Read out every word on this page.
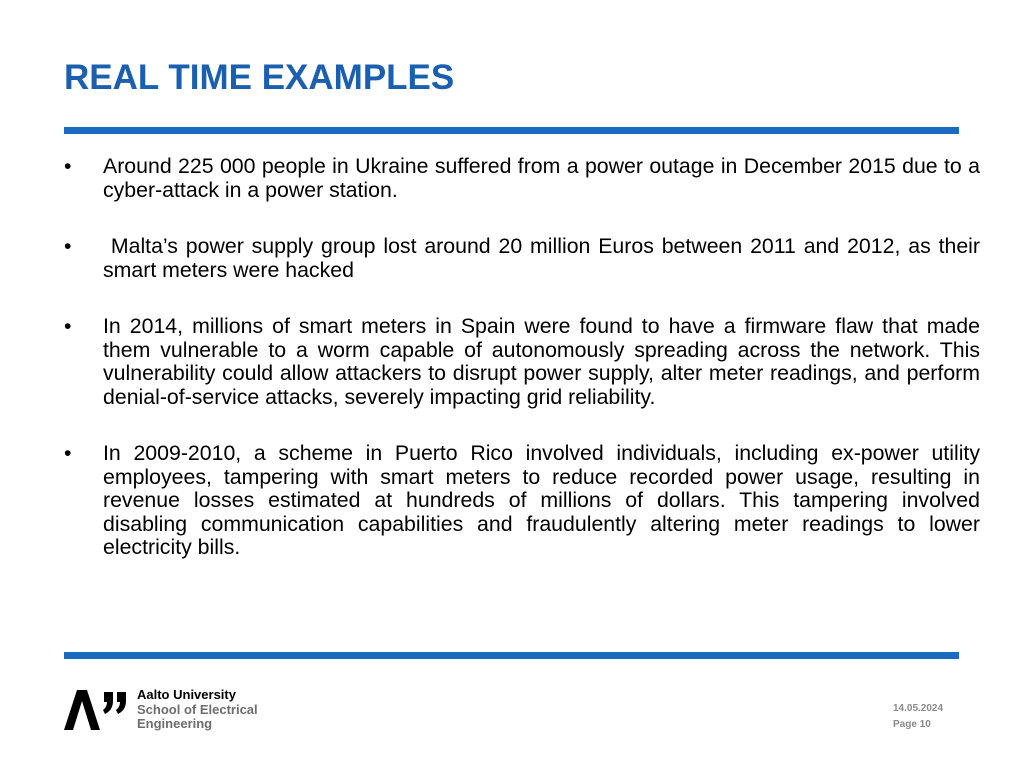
REAL TIME EXAMPLES
•	Around 225 000 people in Ukraine suffered from a power outage in December 2015 due to a cyber-attack in a power station.
•	Malta’s power supply group lost around 20 million Euros between 2011 and 2012, as their smart meters were hacked
•	In 2014, millions of smart meters in Spain were found to have a firmware flaw that made them vulnerable to a worm capable of autonomously spreading across the network. This vulnerability could allow attackers to disrupt power supply, alter meter readings, and perform denial-of-service attacks, severely impacting grid reliability.
•	In 2009-2010, a scheme in Puerto Rico involved individuals, including ex-power utility employees, tampering with smart meters to reduce recorded power usage, resulting in revenue losses estimated at hundreds of millions of dollars. This tampering involved disabling communication capabilities and fraudulently altering meter readings to lower electricity bills.
Aalto University
School of Electrical
Engineering
14.05.2024
Page 10
